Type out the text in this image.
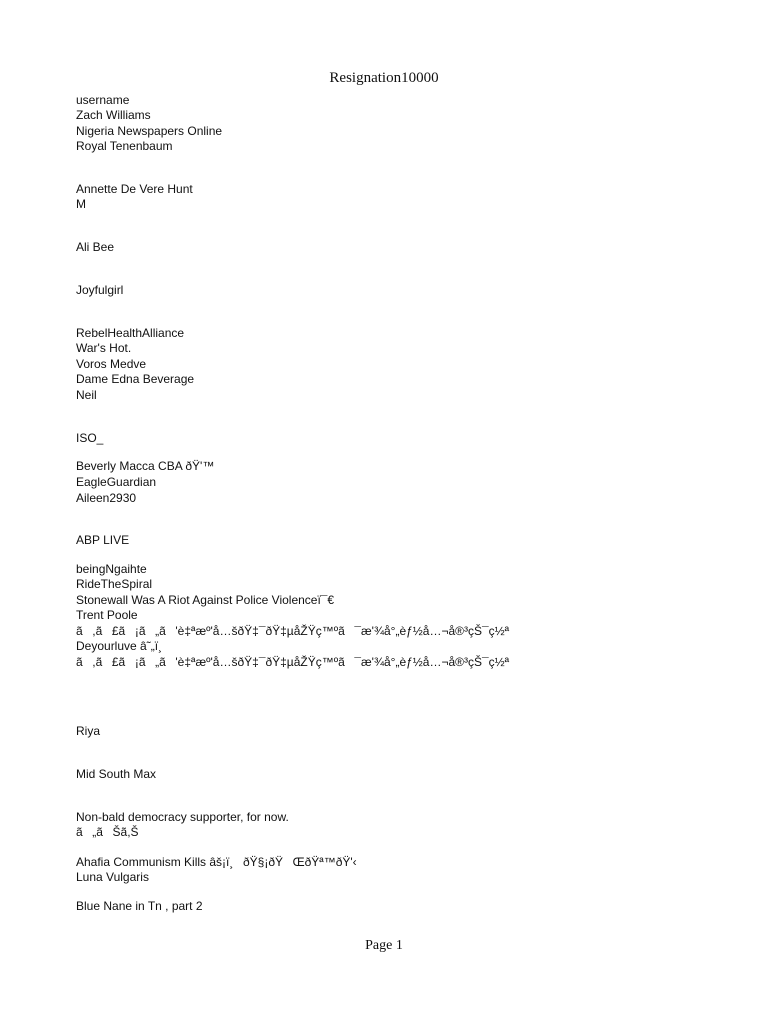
Resignation10000
username
Zach Williams
Nigeria Newspapers Online
Royal Tenenbaum
Annette De Vere Hunt
M
Ali Bee
Joyfulgirl
RebelHealthAlliance
War's Hot.
Voros Medve
Dame Edna Beverage
Neil
ISO_
Beverly Macca CBA ðŸ'™
EagleGuardian
Aileen2930
ABP LIVE
beingNgaihte
RideTheSpiral
Stonewall Was A Riot Against Police Violenceï¯€
Trent Poole
ã,ã£ã¡ã„ã'è‡ªæº'å…šðŸ‡¯ðŸ‡µåŽŸç™ºã¯æ'¾å°„èƒ½å…¬å®³çŠ¯ç½ª
Deyourluve â˜„ï¸
ã,ã£ã¡ã„ã'è‡ªæº'å…šðŸ‡¯ðŸ‡µåŽŸç™ºã¯æ'¾å°„èƒ½å…¬å®³çŠ¯ç½ª
Riya
Mid South Max
Non-bald democracy supporter, for now.
ã„ãŠã,Š
Ahafia Communism Kills âš¡ï¸ðŸ§¡ðŸŒðŸª™ðŸ'‹
Luna Vulgaris
Blue Nane in Tn , part 2

Page 1
